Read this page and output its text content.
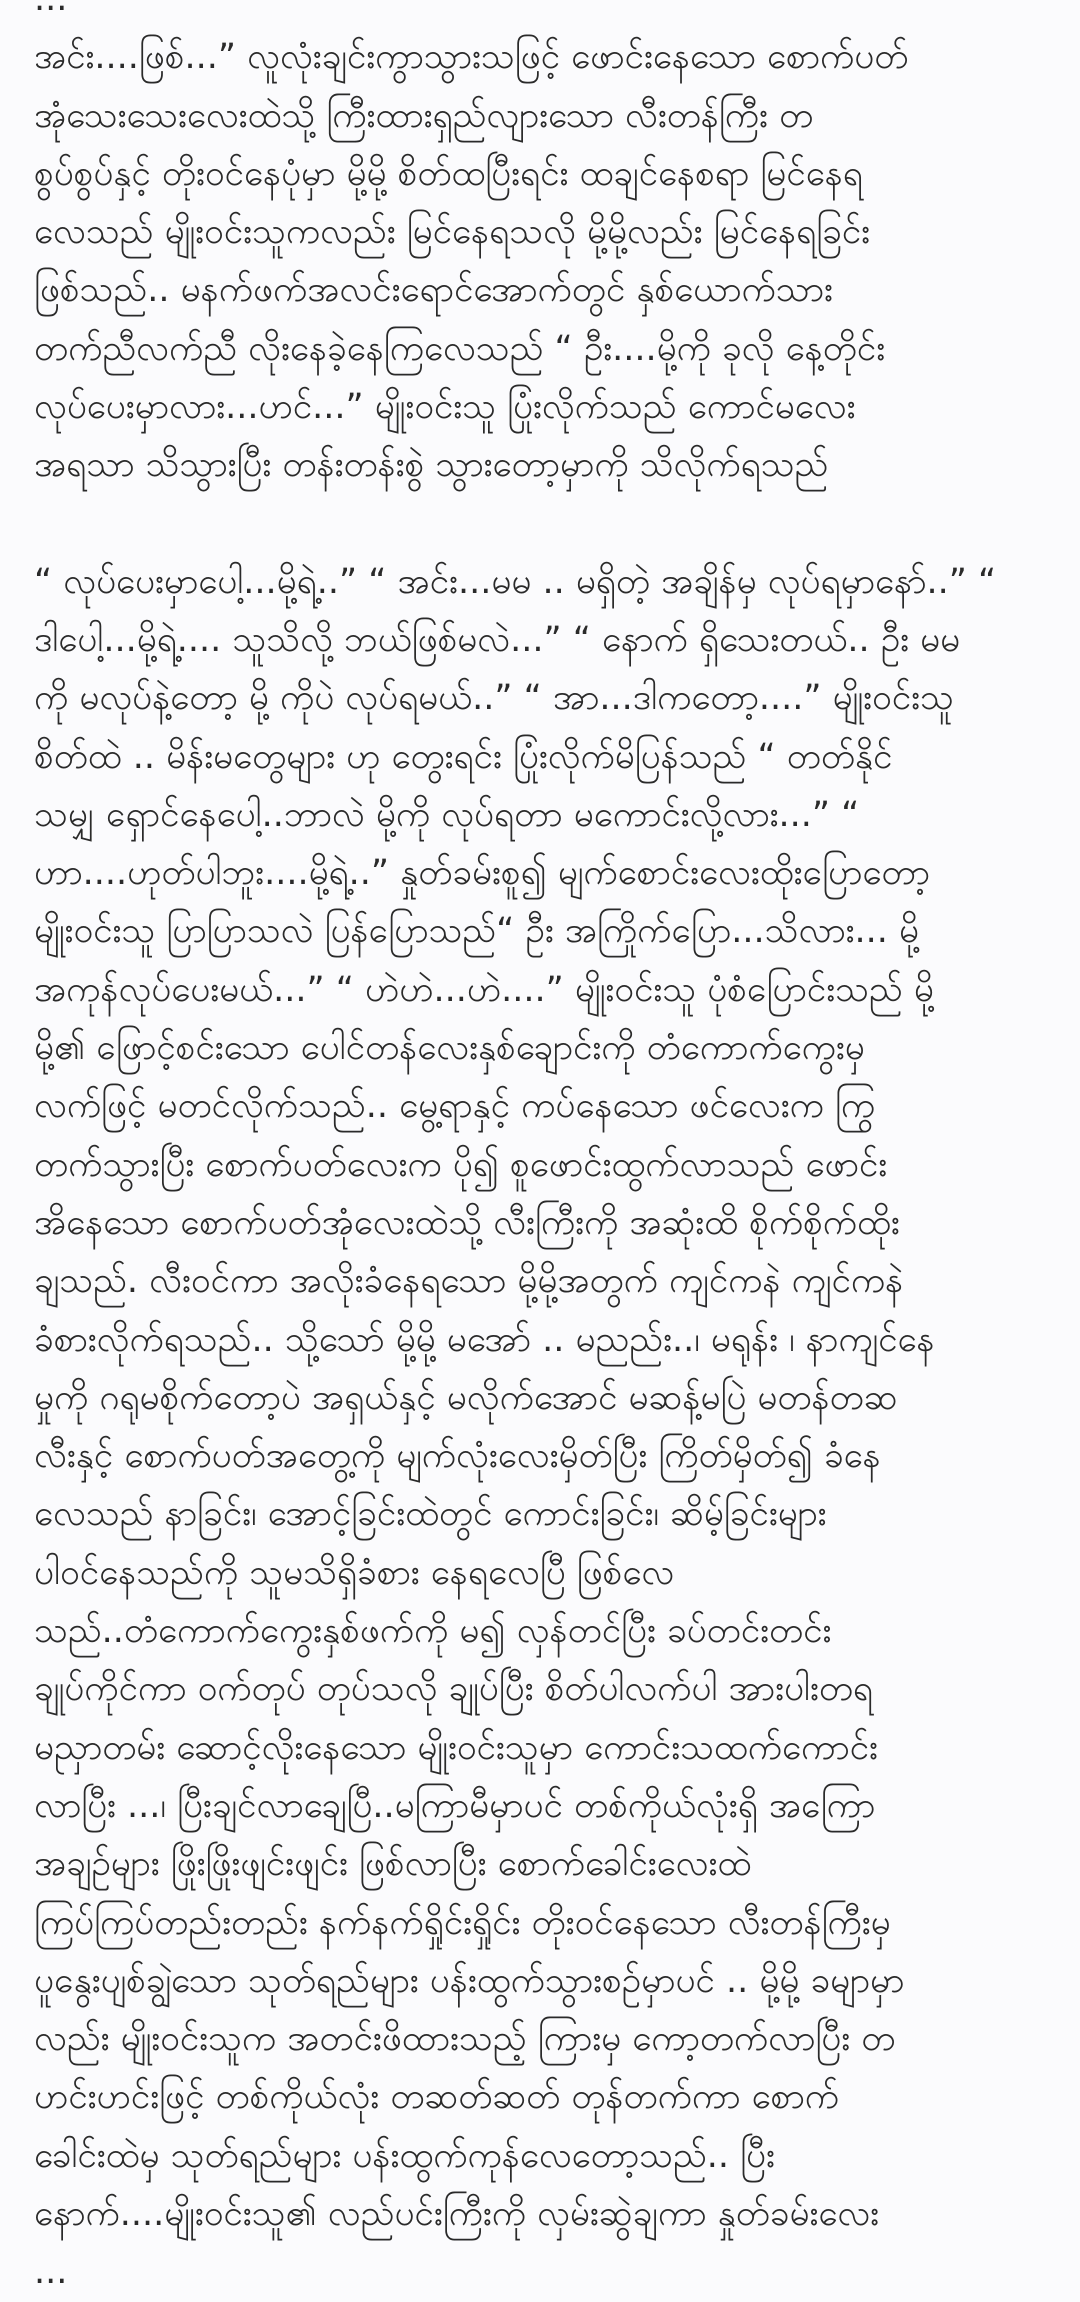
အင်း....ဖြစ်...” လူလုံးချင်းကွာသွားသဖြင့် ဖောင်းနေသော စောက်ပတ်
အုံသေးသေးလေးထဲသို့ ကြီးထားရှည်လျားသော လီးတန်ကြီး တ
စွပ်စွပ်နှင့် တိုးဝင်နေပုံမှာ မို့မို့ စိတ်ထပြီးရင်း ထချင်နေစရာ မြင်နေရ
လေသည် မျိုးဝင်းသူကလည်း မြင်နေရသလို မို့မို့လည်း မြင်နေရခြင်း
ဖြစ်သည်.. မနက်ဖက်အလင်းရောင်အောက်တွင် နှစ်ယောက်သား
တက်ညီလက်ညီ လိုးနေခဲ့နေကြလေသည် “ ဦး....မို့ကို ခုလို နေ့တိုင်း
လုပ်ပေးမှာလား...ဟင်...” မျိုးဝင်းသူ ပြုံးလိုက်သည် ကောင်မလေး
အရသာ သိသွားပြီး တန်းတန်းစွဲ သွားတော့မှာကို သိလိုက်ရသည်

“ လုပ်ပေးမှာပေါ့...မို့ရဲ့..” “ အင်း...မမ .. မရှိတဲ့ အချိန်မှ လုပ်ရမှာနော်..” “
ဒါပေါ့...မို့ရဲ့.... သူသိလို့ ဘယ်ဖြစ်မလဲ...” “ နောက် ရှိသေးတယ်.. ဦး မမ
ကို မလုပ်နဲ့တော့ မို့ ကိုပဲ လုပ်ရမယ်..” “ အာ...ဒါကတော့....” မျိုးဝင်းသူ
စိတ်ထဲ .. မိန်းမတွေများ ဟု တွေးရင်း ပြုံးလိုက်မိပြန်သည် “ တတ်နိုင်
သမျှ ရှောင်နေပေါ့..ဘာလဲ မို့ကို လုပ်ရတာ မကောင်းလို့လား...” “
ဟာ....ဟုတ်ပါဘူး....မို့ရဲ့..” နှုတ်ခမ်းစူ၍ မျက်စောင်းလေးထိုးပြောတော့
မျိုးဝင်းသူ ပြာပြာသလဲ ပြန်ပြောသည်“ ဦး အကြိုက်ပြော...သိလား... မို့
အကုန်လုပ်ပေးမယ်...” “ ဟဲဟဲ...ဟဲ....” မျိုးဝင်းသူ ပုံစံပြောင်းသည် မို့
မို့၏ ဖြောင့်စင်းသော ပေါင်တန်လေးနှစ်ချောင်းကို တံကောက်ကွေးမှ
လက်ဖြင့် မတင်လိုက်သည်.. မွေ့ရာနှင့် ကပ်နေသော ဖင်လေးက ကြွ
တက်သွားပြီး စောက်ပတ်လေးက ပို၍ စူဖောင်းထွက်လာသည် ဖောင်း
အိနေသော စောက်ပတ်အုံလေးထဲသို့ လီးကြီးကို အဆုံးထိ စိုက်စိုက်ထိုး
ချသည်. လီးဝင်ကာ အလိုးခံနေရသော မို့မို့အတွက် ကျင်ကနဲ ကျင်ကနဲ
ခံစားလိုက်ရသည်.. သို့သော် မို့မို့ မအော် .. မညည်း..၊ မရုန်း ၊ နာကျင်နေ
မှုကို ဂရုမစိုက်တော့ပဲ အရှယ်နှင့် မလိုက်အောင် မဆန့်မပြဲ မတန်တဆ
လီးနှင့် စောက်ပတ်အတွေ့ကို မျက်လုံးလေးမှိတ်ပြီး ကြိတ်မှိတ်၍ ခံနေ
လေသည် နာခြင်း၊ အောင့်ခြင်းထဲတွင် ကောင်းခြင်း၊ ဆိမ့်ခြင်းများ
ပါဝင်နေသည်ကို သူမသိရှိခံစား နေရလေပြီ ဖြစ်လေ
သည်..တံကောက်ကွေးနှစ်ဖက်ကို မ၍ လှန်တင်ပြီး ခပ်တင်းတင်း
ချုပ်ကိုင်ကာ ဝက်တုပ် တုပ်သလို ချုပ်ပြီး စိတ်ပါလက်ပါ အားပါးတရ
မညှာတမ်း ဆောင့်လိုးနေသော မျိုးဝင်းသူမှာ ကောင်းသထက်ကောင်း
လာပြီး ...၊ ပြီးချင်လာချေပြီ..မကြာမီမှာပင် တစ်ကိုယ်လုံးရှိ အကြော
အချဉ်များ ဖြိုးဖြိုးဖျင်းဖျင်း ဖြစ်လာပြီး စောက်ခေါင်းလေးထဲ
ကြပ်ကြပ်တည်းတည်း နက်နက်ရှိုင်းရှိုင်း တိုးဝင်နေသော လီးတန်ကြီးမှ
ပူနွေးပျစ်ချွဲသော သုတ်ရည်များ ပန်းထွက်သွားစဉ်မှာပင် .. မို့မို့ ခမျာမှာ
လည်း မျိုးဝင်းသူက အတင်းဖိထားသည့် ကြားမှ ကော့တက်လာပြီး တ
ဟင်းဟင်းဖြင့် တစ်ကိုယ်လုံး တဆတ်ဆတ် တုန်တက်ကာ စောက်
ခေါင်းထဲမှ သုတ်ရည်များ ပန်းထွက်ကုန်လေတော့သည်.. ပြီး
နောက်....မျိုးဝင်းသူ၏ လည်ပင်းကြီးကို လှမ်းဆွဲချကာ နှုတ်ခမ်းလေး
...
